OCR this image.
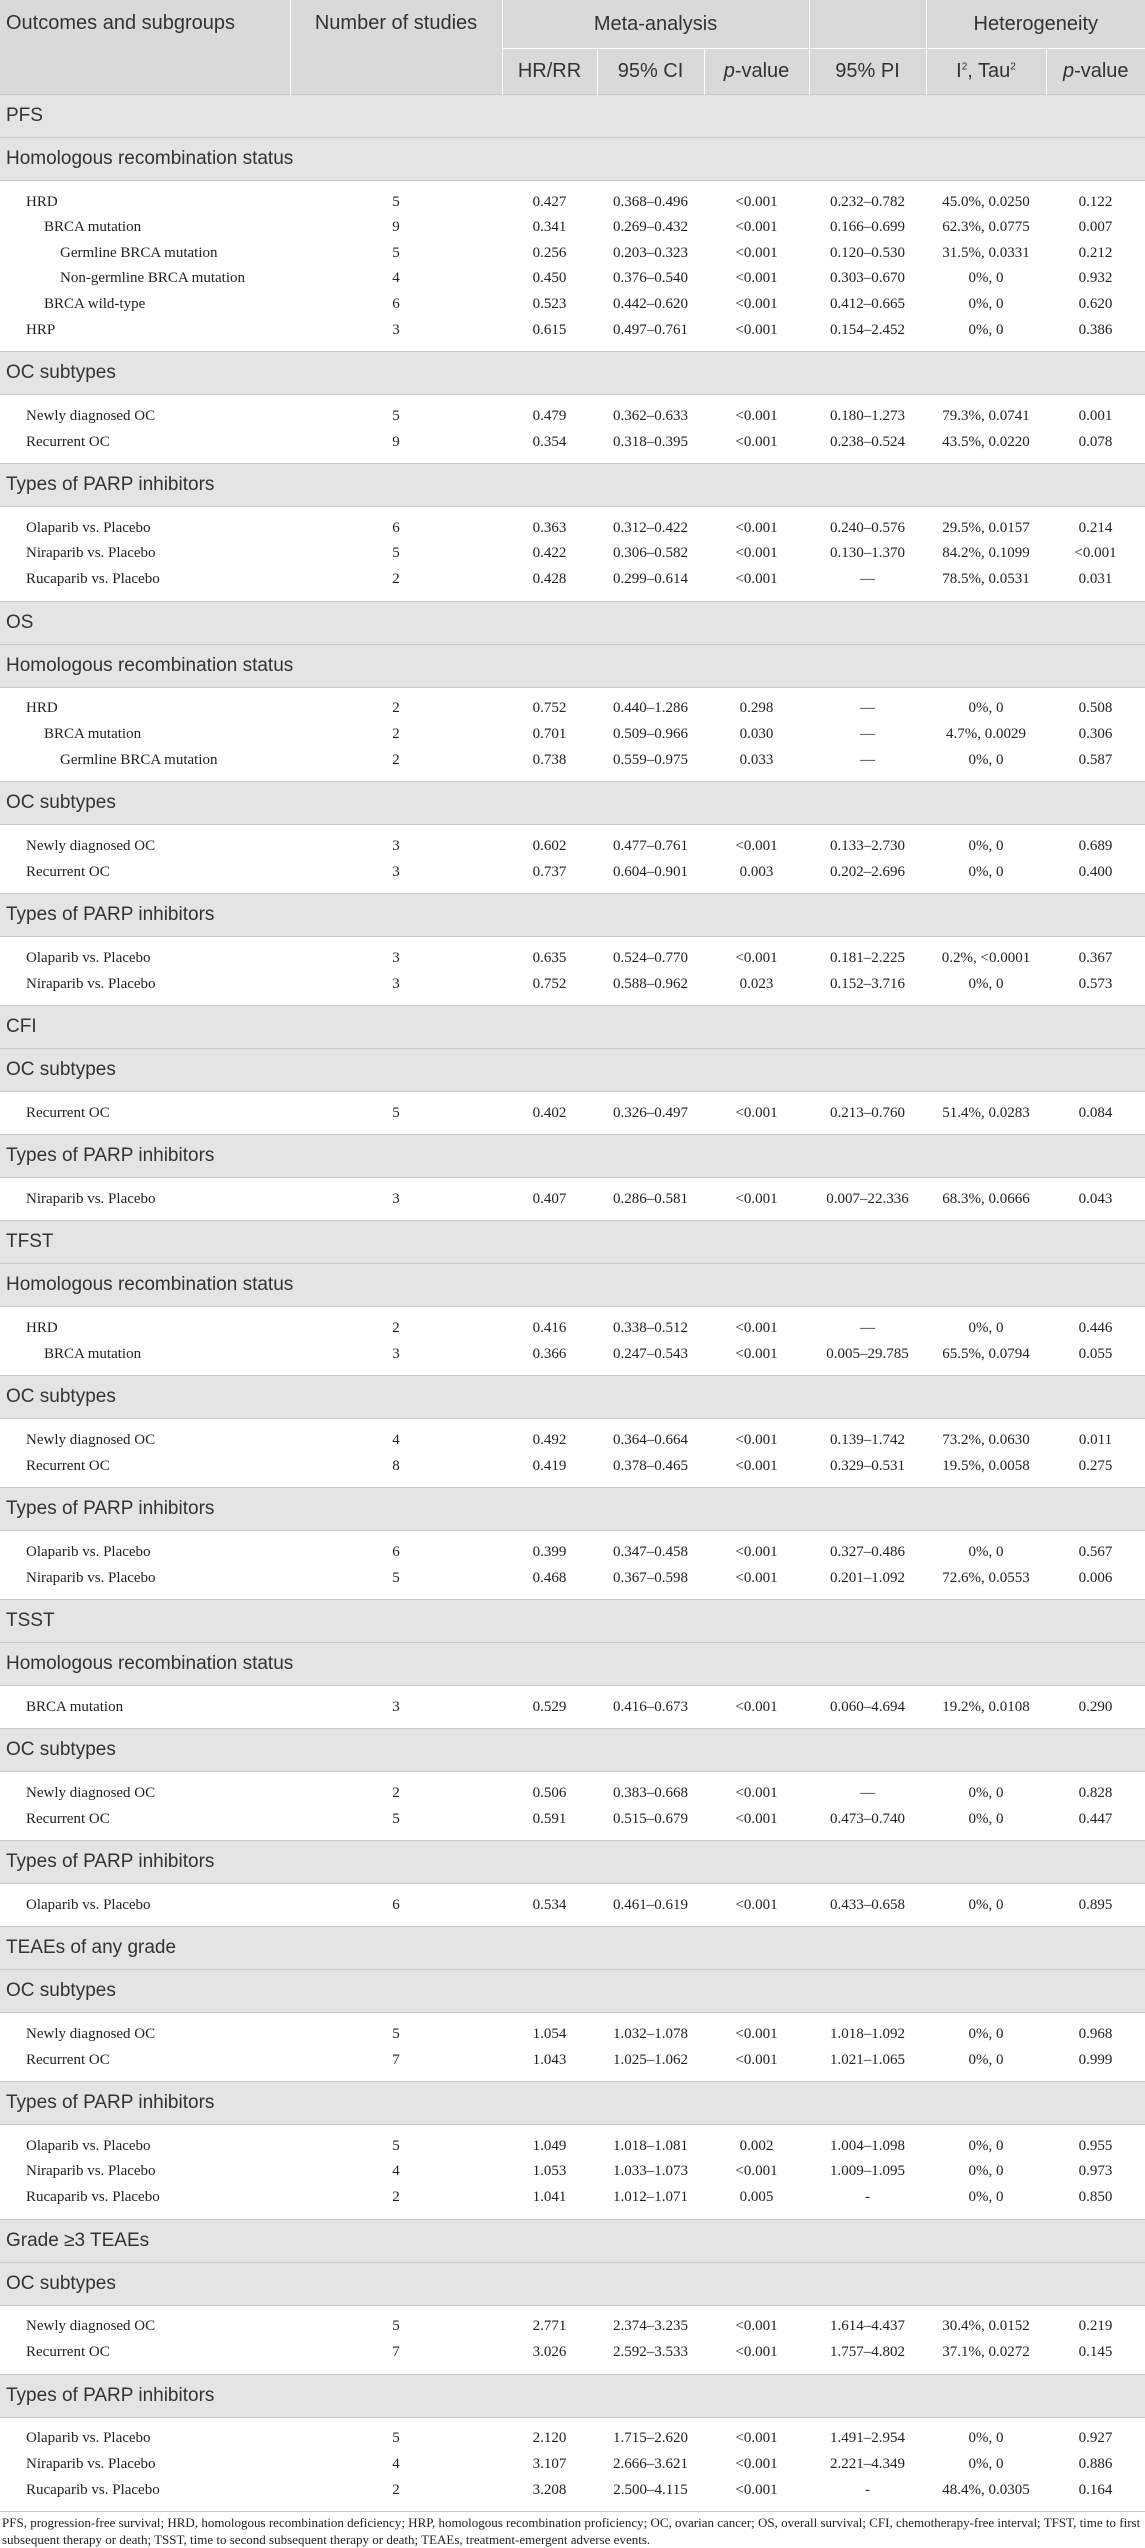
Outcomes and subgroups	Number of studies	Meta-analysis				Heterogeneity	
		HR/RR	95% CI	p-value	95% PI	$I^2$, Tau$^2$	p-value
PFS							
Homologous recombination status							
HRD	5	0.427	0.368–0.496	<0.001	0.232–0.782	45.0%, 0.0250	0.122
BRCA mutation	9	0.341	0.269–0.432	<0.001	0.166–0.699	62.3%, 0.0775	0.007
Germline BRCA mutation	5	0.256	0.203–0.323	<0.001	0.120–0.530	31.5%, 0.0331	0.212
Non-germline BRCA mutation	4	0.450	0.376–0.540	<0.001	0.303–0.670	0%, 0	0.932
BRCA wild-type	6	0.523	0.442–0.620	<0.001	0.412–0.665	0%, 0	0.620
HRP	3	0.615	0.497–0.761	<0.001	0.154–2.452	0%, 0	0.386
OC subtypes							
Newly diagnosed OC	5	0.479	0.362–0.633	<0.001	0.180–1.273	79.3%, 0.0741	0.001
Recurrent OC	9	0.354	0.318–0.395	<0.001	0.238–0.524	43.5%, 0.0220	0.078
Types of PARP inhibitors							
Olaparib vs. Placebo	6	0.363	0.312–0.422	<0.001	0.240–0.576	29.5%, 0.0157	0.214
Niraparib vs. Placebo	5	0.422	0.306–0.582	<0.001	0.130–1.370	84.2%, 0.1099	<0.001
Rucaparib vs. Placebo	2	0.428	0.299–0.614	<0.001	—	78.5%, 0.0531	0.031
OS							
Homologous recombination status							
HRD	2	0.752	0.440–1.286	0.298	—	0%, 0	0.508
BRCA mutation	2	0.701	0.509–0.966	0.030	—	4.7%, 0.0029	0.306
Germline BRCA mutation	2	0.738	0.559–0.975	0.033	—	0%, 0	0.587
OC subtypes							
Newly diagnosed OC	3	0.602	0.477–0.761	<0.001	0.133–2.730	0%, 0	0.689
Recurrent OC	3	0.737	0.604–0.901	0.003	0.202–2.696	0%, 0	0.400
Types of PARP inhibitors							
Olaparib vs. Placebo	3	0.635	0.524–0.770	<0.001	0.181–2.225	0.2%, <0.0001	0.367
Niraparib vs. Placebo	3	0.752	0.588–0.962	0.023	0.152–3.716	0%, 0	0.573
CFI							
OC subtypes							
Recurrent OC	5	0.402	0.326–0.497	<0.001	0.213–0.760	51.4%, 0.0283	0.084
Types of PARP inhibitors							
Niraparib vs. Placebo	3	0.407	0.286–0.581	<0.001	0.007–22.336	68.3%, 0.0666	0.043
TFST							
Homologous recombination status							
HRD	2	0.416	0.338–0.512	<0.001	—	0%, 0	0.446
BRCA mutation	3	0.366	0.247–0.543	<0.001	0.005–29.785	65.5%, 0.0794	0.055
OC subtypes							
Newly diagnosed OC	4	0.492	0.364–0.664	<0.001	0.139–1.742	73.2%, 0.0630	0.011
Recurrent OC	8	0.419	0.378–0.465	<0.001	0.329–0.531	19.5%, 0.0058	0.275
Types of PARP inhibitors							
Olaparib vs. Placebo	6	0.399	0.347–0.458	<0.001	0.327–0.486	0%, 0	0.567
Niraparib vs. Placebo	5	0.468	0.367–0.598	<0.001	0.201–1.092	72.6%, 0.0553	0.006
TSST							
Homologous recombination status							
BRCA mutation	3	0.529	0.416–0.673	<0.001	0.060–4.694	19.2%, 0.0108	0.290
OC subtypes							
Newly diagnosed OC	2	0.506	0.383–0.668	<0.001	—	0%, 0	0.828
Recurrent OC	5	0.591	0.515–0.679	<0.001	0.473–0.740	0%, 0	0.447
Types of PARP inhibitors							
Olaparib vs. Placebo	6	0.534	0.461–0.619	<0.001	0.433–0.658	0%, 0	0.895
TEAEs of any grade							
OC subtypes							
Newly diagnosed OC	5	1.054	1.032–1.078	<0.001	1.018–1.092	0%, 0	0.968
Recurrent OC	7	1.043	1.025–1.062	<0.001	1.021–1.065	0%, 0	0.999
Types of PARP inhibitors							
Olaparib vs. Placebo	5	1.049	1.018–1.081	0.002	1.004–1.098	0%, 0	0.955
Niraparib vs. Placebo	4	1.053	1.033–1.073	<0.001	1.009–1.095	0%, 0	0.973
Rucaparib vs. Placebo	2	1.041	1.012–1.071	0.005	-	0%, 0	0.850
Grade ≥3 TEAEs							
OC subtypes							
Newly diagnosed OC	5	2.771	2.374–3.235	<0.001	1.614–4.437	30.4%, 0.0152	0.219
Recurrent OC	7	3.026	2.592–3.533	<0.001	1.757–4.802	37.1%, 0.0272	0.145
Types of PARP inhibitors							
Olaparib vs. Placebo	5	2.120	1.715–2.620	<0.001	1.491–2.954	0%, 0	0.927
Niraparib vs. Placebo	4	3.107	2.666–3.621	<0.001	2.221–4.349	0%, 0	0.886
Rucaparib vs. Placebo	2	3.208	2.500–4.115	<0.001	-	48.4%, 0.0305	0.164
PFS, progression-free survival; HRD, homologous recombination deficiency; HRP, homologous recombination proficiency; OC, ovarian cancer; OS, overall survival; CFI, chemotherapy-free interval; TFST, time to first subsequent therapy or death; TSST, time to second subsequent therapy or death; TEAEs, treatment-emergent adverse events.							
